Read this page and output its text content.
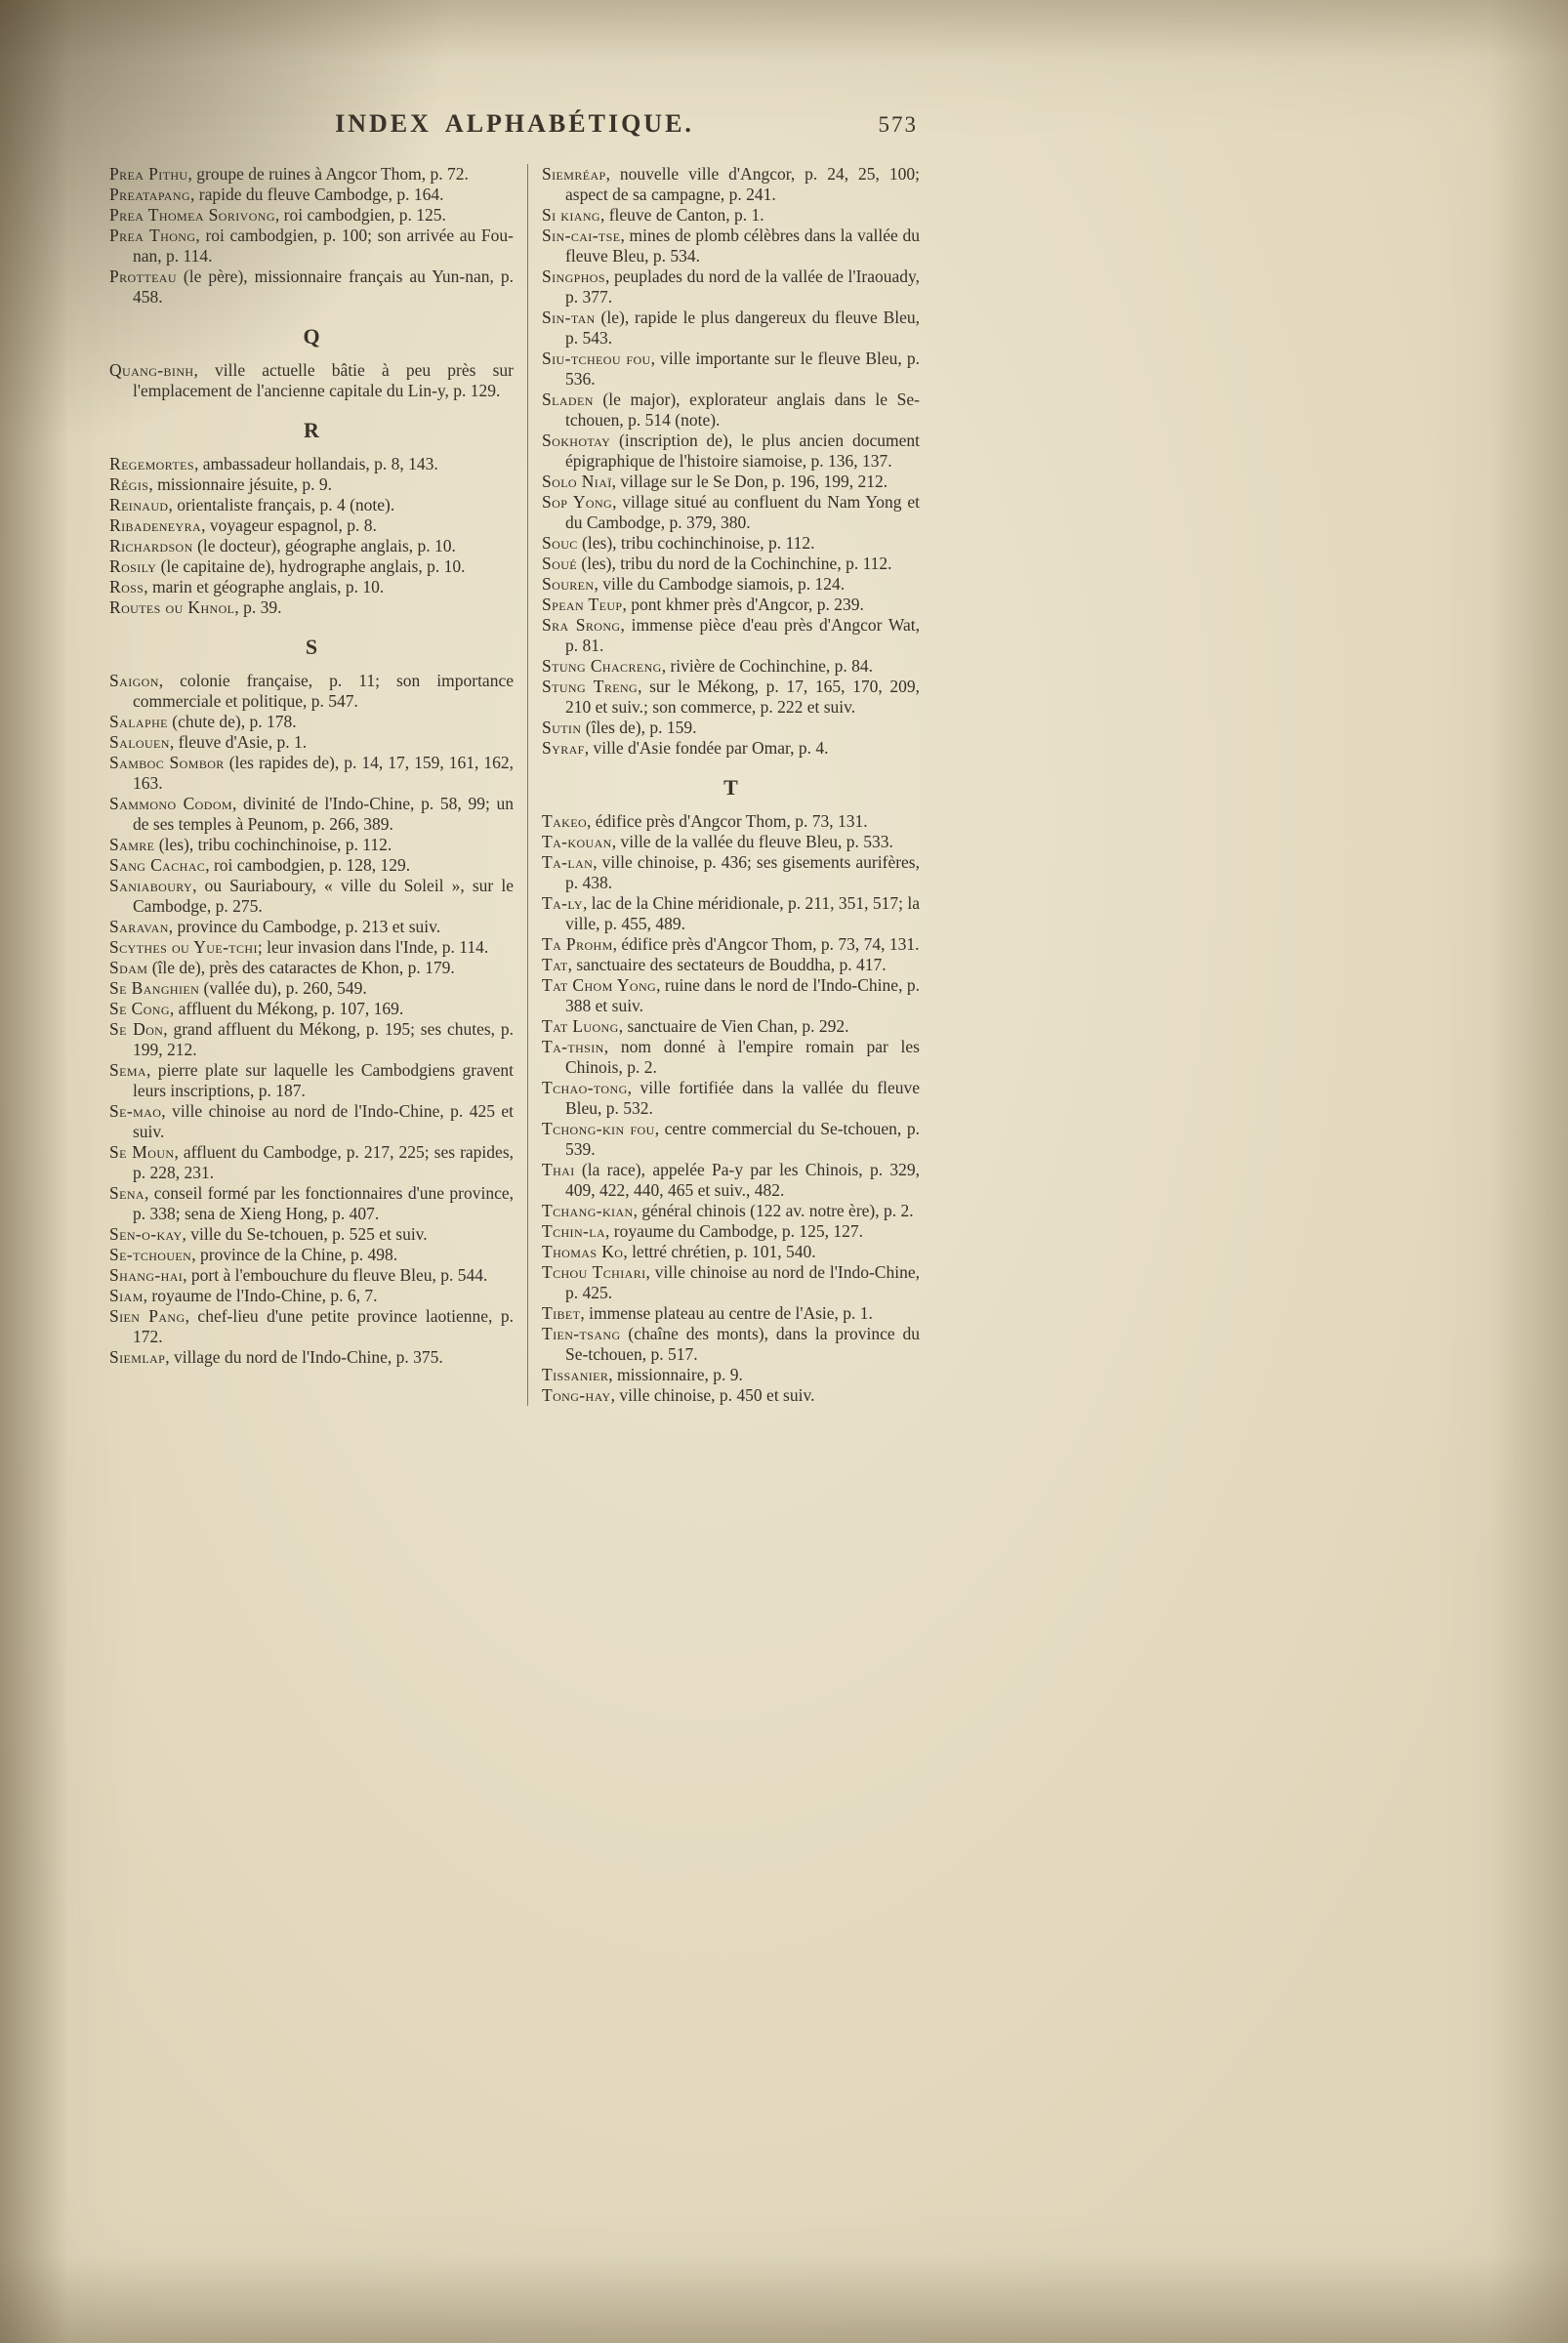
INDEX ALPHABÉTIQUE.	573

Prea Pithu, groupe de ruines à Angcor Thom, p. 72.

Preatapang, rapide du fleuve Cambodge, p. 164.

Prea Thomea Sorivong, roi cambodgien, p. 125.

Prea Thong, roi cambodgien, p. 100; son arrivée au Fou-nan, p. 114.

Protteau (le père), missionnaire français au Yun-nan, p. 458.

Q

Quang-binh, ville actuelle bâtie à peu près sur l'emplacement de l'ancienne capitale du Lin-y, p. 129.

R

Regemortes, ambassadeur hollandais, p. 8, 143.

Régis, missionnaire jésuite, p. 9.

Reinaud, orientaliste français, p. 4 (note).

Ribadeneyra, voyageur espagnol, p. 8.

Richardson (le docteur), géographe anglais, p. 10.

Rosily (le capitaine de), hydrographe anglais, p. 10.

Ross, marin et géographe anglais, p. 10.

Routes ou Khnol, p. 39.

S

Saigon, colonie française, p. 11; son importance commerciale et politique, p. 547.

Salaphe (chute de), p. 178.

Salouen, fleuve d'Asie, p. 1.

Samboc Sombor (les rapides de), p. 14, 17, 159, 161, 162, 163.

Sammono Codom, divinité de l'Indo-Chine, p. 58, 99; un de ses temples à Peunom, p. 266, 389.

Samre (les), tribu cochinchinoise, p. 112.

Sang Cachac, roi cambodgien, p. 128, 129.

Saniaboury, ou Sauriaboury, « ville du Soleil », sur le Cambodge, p. 275.

Saravan, province du Cambodge, p. 213 et suiv.

Scythes ou Yue-tchi; leur invasion dans l'Inde, p. 114.

Sdam (île de), près des cataractes de Khon, p. 179.

Se Banghien (vallée du), p. 260, 549.

Se Cong, affluent du Mékong, p. 107, 169.

Se Don, grand affluent du Mékong, p. 195; ses chutes, p. 199, 212.

Sema, pierre plate sur laquelle les Cambodgiens gravent leurs inscriptions, p. 187.

Se-mao, ville chinoise au nord de l'Indo-Chine, p. 425 et suiv.

Se Moun, affluent du Cambodge, p. 217, 225; ses rapides, p. 228, 231.

Sena, conseil formé par les fonctionnaires d'une province, p. 338; sena de Xieng Hong, p. 407.

Sen-o-kay, ville du Se-tchouen, p. 525 et suiv.

Se-tchouen, province de la Chine, p. 498.

Shang-hai, port à l'embouchure du fleuve Bleu, p. 544.

Siam, royaume de l'Indo-Chine, p. 6, 7.

Sien Pang, chef-lieu d'une petite province laotienne, p. 172.

Siemlap, village du nord de l'Indo-Chine, p. 375.

Siemréap, nouvelle ville d'Angcor, p. 24, 25, 100; aspect de sa campagne, p. 241.

Si kiang, fleuve de Canton, p. 1.

Sin-cai-tse, mines de plomb célèbres dans la vallée du fleuve Bleu, p. 534.

Singphos, peuplades du nord de la vallée de l'Iraouady, p. 377.

Sin-tan (le), rapide le plus dangereux du fleuve Bleu, p. 543.

Siu-tcheou fou, ville importante sur le fleuve Bleu, p. 536.

Sladen (le major), explorateur anglais dans le Se-tchouen, p. 514 (note).

Sokhotay (inscription de), le plus ancien document épigraphique de l'histoire siamoise, p. 136, 137.

Solo Niaï, village sur le Se Don, p. 196, 199, 212.

Sop Yong, village situé au confluent du Nam Yong et du Cambodge, p. 379, 380.

Souc (les), tribu cochinchinoise, p. 112.

Soué (les), tribu du nord de la Cochinchine, p. 112.

Souren, ville du Cambodge siamois, p. 124.

Spean Teup, pont khmer près d'Angcor, p. 239.

Sra Srong, immense pièce d'eau près d'Angcor Wat, p. 81.

Stung Chacreng, rivière de Cochinchine, p. 84.

Stung Treng, sur le Mékong, p. 17, 165, 170, 209, 210 et suiv.; son commerce, p. 222 et suiv.

Sutin (îles de), p. 159.

Syraf, ville d'Asie fondée par Omar, p. 4.

T

Takeo, édifice près d'Angcor Thom, p. 73, 131.

Ta-kouan, ville de la vallée du fleuve Bleu, p. 533.

Ta-lan, ville chinoise, p. 436; ses gisements aurifères, p. 438.

Ta-ly, lac de la Chine méridionale, p. 211, 351, 517; la ville, p. 455, 489.

Ta Prohm, édifice près d'Angcor Thom, p. 73, 74, 131.

Tat, sanctuaire des sectateurs de Bouddha, p. 417.

Tat Chom Yong, ruine dans le nord de l'Indo-Chine, p. 388 et suiv.

Tat Luong, sanctuaire de Vien Chan, p. 292.

Ta-thsin, nom donné à l'empire romain par les Chinois, p. 2.

Tchao-tong, ville fortifiée dans la vallée du fleuve Bleu, p. 532.

Tchong-kin fou, centre commercial du Se-tchouen, p. 539.

Thai (la race), appelée Pa-y par les Chinois, p. 329, 409, 422, 440, 465 et suiv., 482.

Tchang-kian, général chinois (122 av. notre ère), p. 2.

Tchin-la, royaume du Cambodge, p. 125, 127.

Thomas Ko, lettré chrétien, p. 101, 540.

Tchou Tchiari, ville chinoise au nord de l'Indo-Chine, p. 425.

Tibet, immense plateau au centre de l'Asie, p. 1.

Tien-tsang (chaîne des monts), dans la province du Se-tchouen, p. 517.

Tissanier, missionnaire, p. 9.

Tong-hay, ville chinoise, p. 450 et suiv.
